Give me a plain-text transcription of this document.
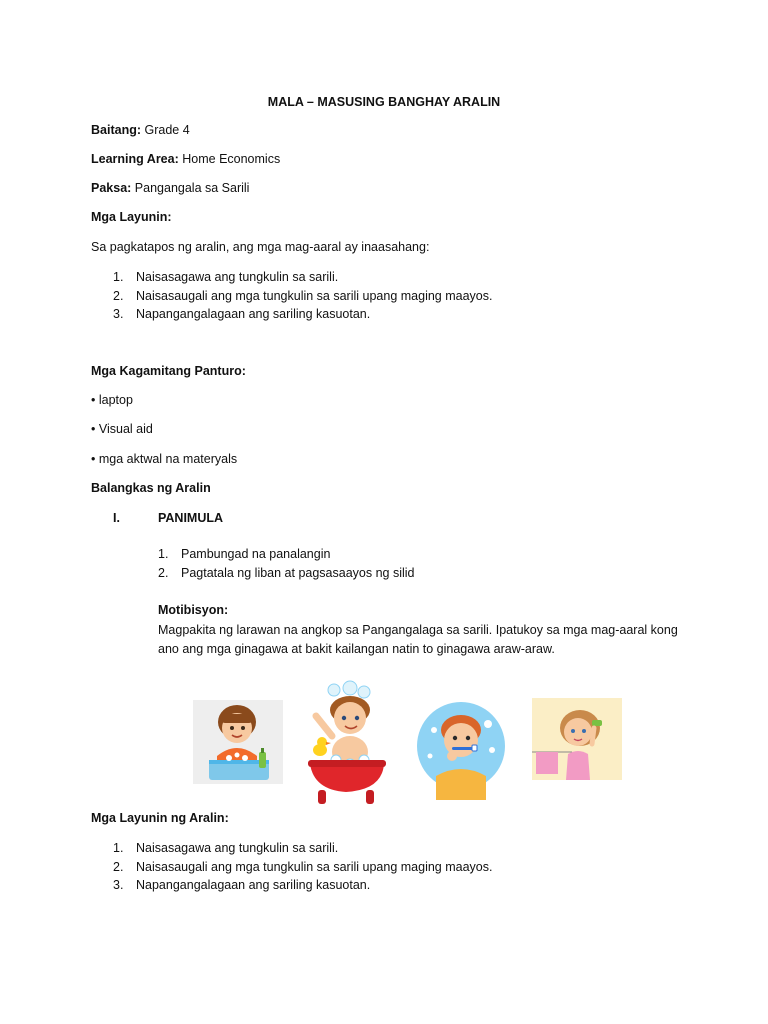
MALA – MASUSING BANGHAY ARALIN
Baitang: Grade 4
Learning Area: Home Economics
Paksa: Pangangala sa Sarili
Mga Layunin:
Sa pagkatapos ng aralin, ang mga mag-aaral ay inaasahang:
1. Naisasagawa ang tungkulin sa sarili.
2. Naisasaugali ang mga tungkulin sa sarili upang maging maayos.
3. Napangangalagaan ang sariling kasuotan.
Mga Kagamitang Panturo:
• laptop
• Visual aid
• mga aktwal na materyals
Balangkas ng Aralin
I.	PANIMULA
1. Pambungad na panalangin
2. Pagtatala ng liban at pagsasaayos ng silid
Motibisyon:
Magpakita ng larawan na angkop sa Pangangalaga sa sarili. Ipatukoy sa mga mag-aaral kong
ano ang mga ginagawa at bakit kailangan natin to ginagawa araw-araw.
Mga Layunin ng Aralin:
1. Naisasagawa ang tungkulin sa sarili.
2. Naisasaugali ang mga tungkulin sa sarili upang maging maayos.
3. Napangangalagaan ang sariling kasuotan.
